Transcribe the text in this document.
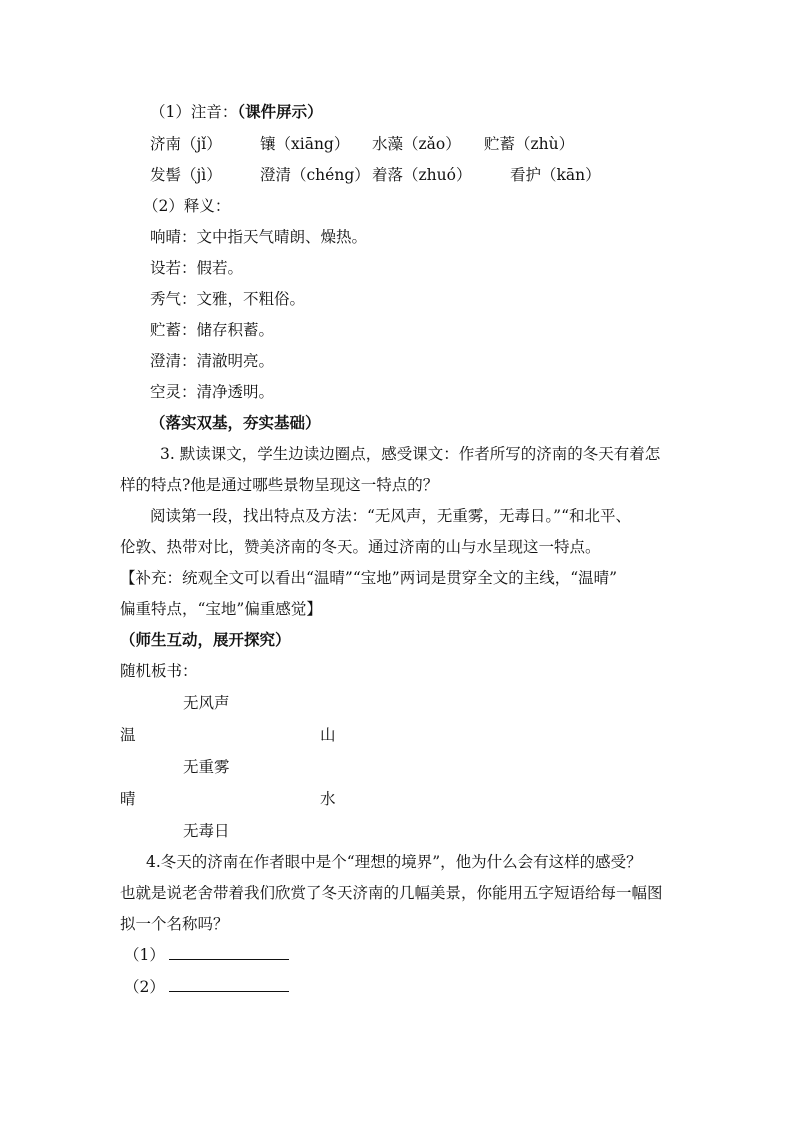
（1）注音：（课件屏示）
济南（jǐ） 镶（xiāng） 水藻（zǎo） 贮蓄（zhù）
发髻（jì） 澄清（chéng） 着落（zhuó） 看护（kān）
（2）释义：
响晴：文中指天气晴朗、燥热。
设若：假若。
秀气：文雅，不粗俗。
贮蓄：储存积蓄。
澄清：清澈明亮。
空灵：清净透明。
（落实双基，夯实基础）
3. 默读课文，学生边读边圈点，感受课文：作者所写的济南的冬天有着怎
样的特点?他是通过哪些景物呈现这一特点的？
阅读第一段，找出特点及方法：“无风声，无重雾，无毒日。”“和北平、
伦敦、热带对比，赞美济南的冬天。通过济南的山与水呈现这一特点。
【补充：统观全文可以看出“温晴”“宝地”两词是贯穿全文的主线，“温晴”
偏重特点，“宝地”偏重感觉】
（师生互动，展开探究）
随机板书：
无风声
温	山
无重雾
晴	水
无毒日
4.冬天的济南在作者眼中是个“理想的境界”，他为什么会有这样的感受？
也就是说老舍带着我们欣赏了冬天济南的几幅美景，你能用五字短语给每一幅图
拟一个名称吗？
（1）
（2）
